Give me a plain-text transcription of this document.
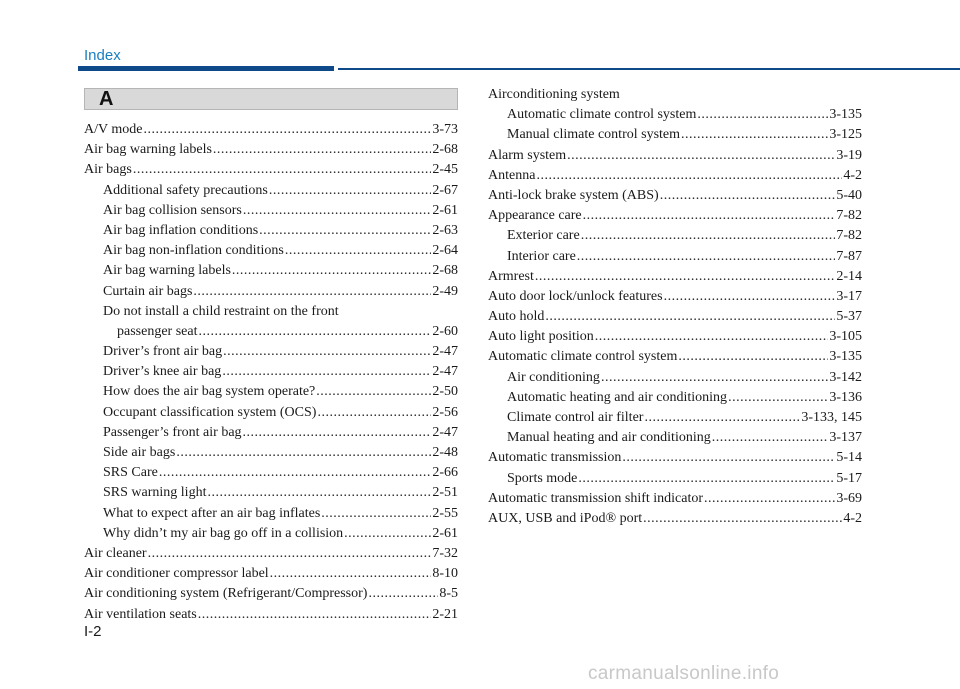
Index
A
A/V mode .....	3-73
Air bag warning labels .....	2-68
Air bags .....	2-45
Additional safety precautions .....	2-67
Air bag collision sensors .....	2-61
Air bag inflation conditions .....	2-63
Air bag non-inflation conditions .....	2-64
Air bag warning labels .....	2-68
Curtain air bags .....	2-49
Do not install a child restraint on the front
passenger seat .....	2-60
Driver’s front air bag .....	2-47
Driver’s knee air bag .....	2-47
How does the air bag system operate? .....	2-50
Occupant classification system (OCS) .....	2-56
Passenger’s front air bag .....	2-47
Side air bags .....	2-48
SRS Care .....	2-66
SRS warning light .....	2-51
What to expect after an air bag inflates .....	2-55
Why didn’t my air bag go off in a collision .....	2-61
Air cleaner .....	7-32
Air conditioner compressor label .....	8-10
Air conditioning system (Refrigerant/Compressor) .....	8-5
Air ventilation seats .....	2-21
Airconditioning system
Automatic climate control system .....	3-135
Manual climate control system .....	3-125
Alarm system .....	3-19
Antenna .....	4-2
Anti-lock brake system (ABS) .....	5-40
Appearance care .....	7-82
Exterior care .....	7-82
Interior care .....	7-87
Armrest .....	2-14
Auto door lock/unlock features .....	3-17
Auto hold .....	5-37
Auto light position .....	3-105
Automatic climate control system .....	3-135
Air conditioning .....	3-142
Automatic heating and air conditioning .....	3-136
Climate control air filter .....	3-133, 145
Manual heating and air conditioning .....	3-137
Automatic transmission .....	5-14
Sports mode .....	5-17
Automatic transmission shift indicator .....	3-69
AUX, USB and iPod® port .....	4-2
I-2
carmanualsonline.info
